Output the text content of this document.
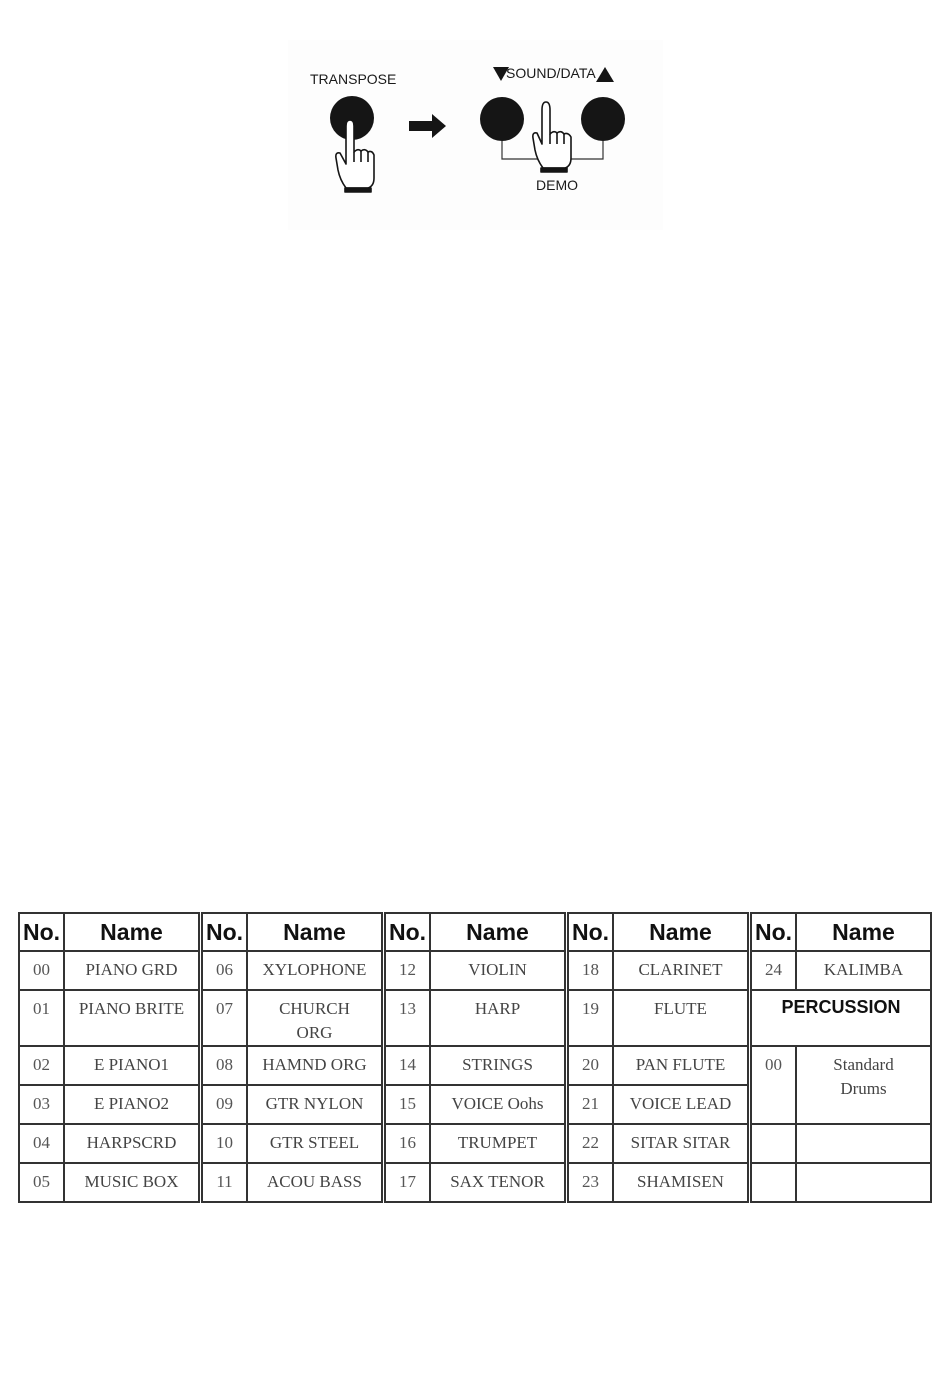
TRANSPOSE	SOUND/DATA
DEMO
No.	Name
00	PIANO GRD
01	PIANO BRITE
02	E PIANO1
03	E PIANO2
04	HARPSCRD
05	MUSIC BOX
No.	Name
06	XYLOPHONE
07	CHURCH ORG
08	HAMND ORG
09	GTR NYLON
10	GTR STEEL
11	ACOU BASS
No.	Name
12	VIOLIN
13	HARP
14	STRINGS
15	VOICE Oohs
16	TRUMPET
17	SAX TENOR
No.	Name
18	CLARINET
19	FLUTE
20	PAN FLUTE
21	VOICE LEAD
22	SITAR SITAR
23	SHAMISEN
No.	Name
24	KALIMBA
PERCUSSION	
00	Standard Drums
